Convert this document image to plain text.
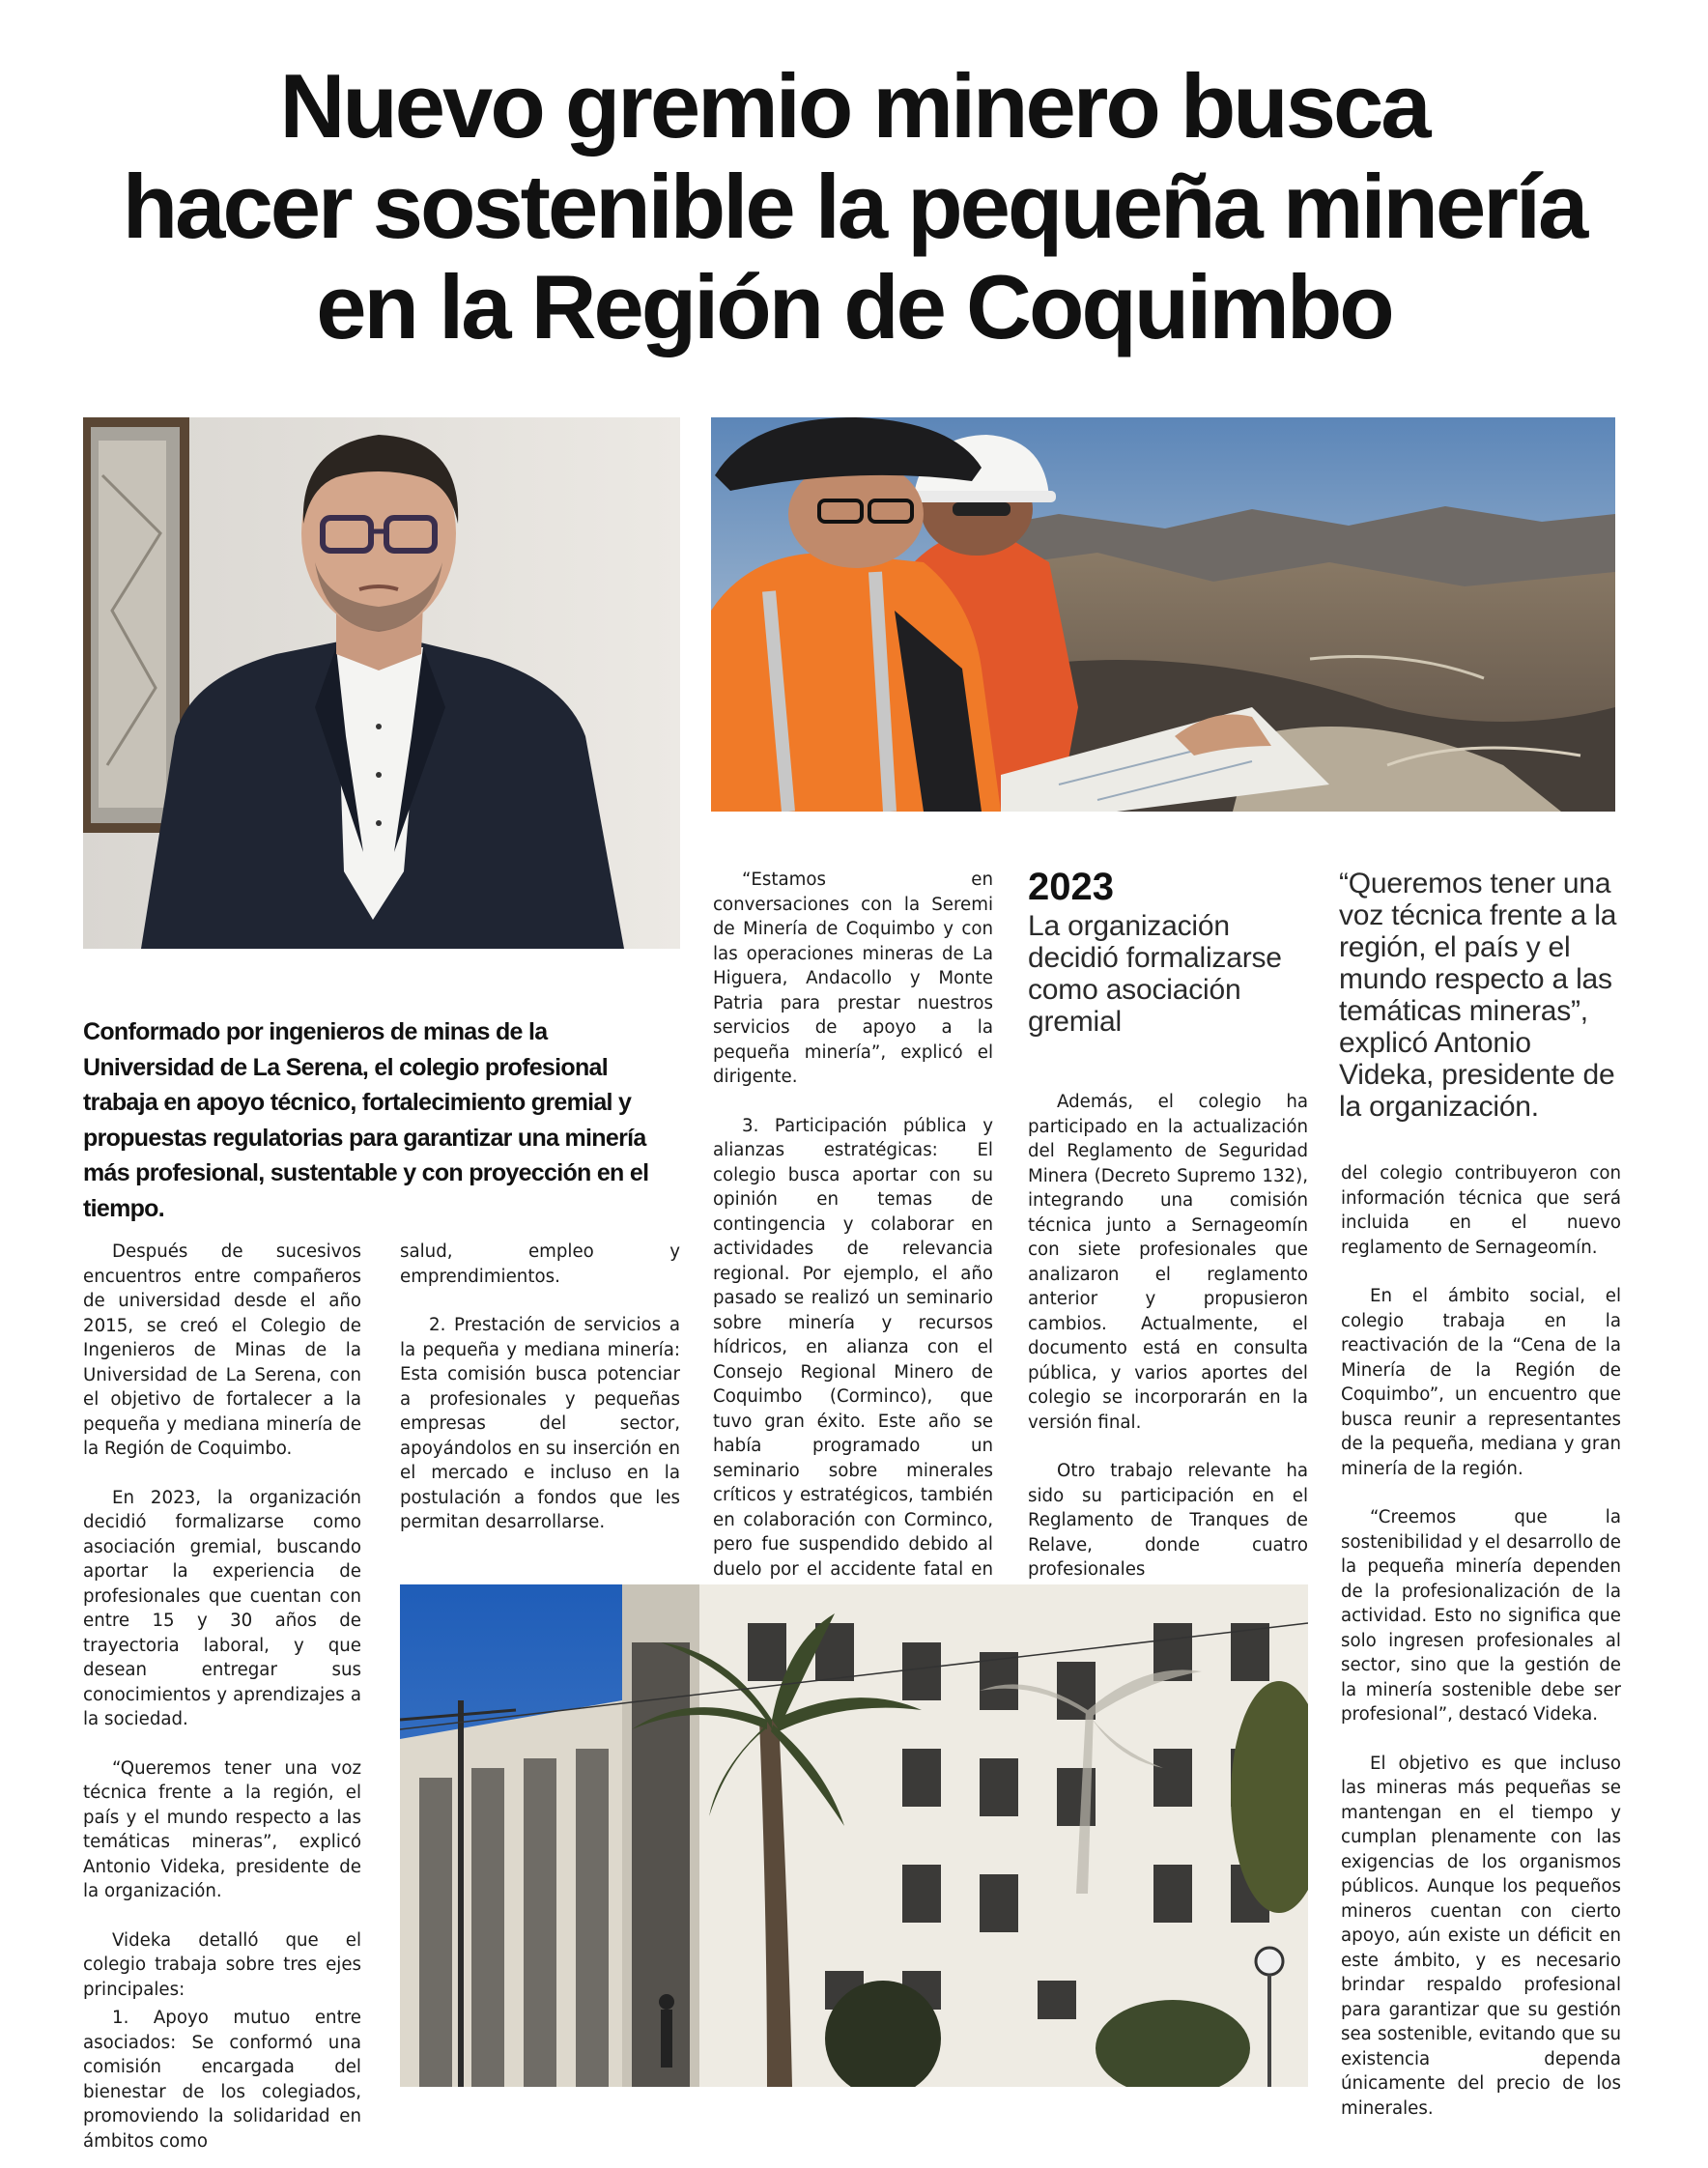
Nuevo gremio minero busca
hacer sostenible la pequeña minería
en la Región de Coquimbo

Conformado por ingenieros de minas de la Universidad de La Serena, el colegio profesional trabaja en apoyo técnico, fortalecimiento gremial y propuestas regulatorias para garantizar una minería más profesional, sustentable y con proyección en el tiempo.

Después de sucesivos encuentros entre compañeros de universidad desde el año 2015, se creó el Colegio de Ingenieros de Minas de la Universidad de La Serena, con el objetivo de fortalecer a la pequeña y mediana minería de la Región de Coquimbo.

En 2023, la organización decidió formalizarse como asociación gremial, buscando aportar la experiencia de profesionales que cuentan con entre 15 y 30 años de trayectoria laboral, y que desean entregar sus conocimientos y aprendizajes a la sociedad.

“Queremos tener una voz técnica frente a la región, el país y el mundo respecto a las temáticas mineras”, explicó Antonio Videka, presidente de la organización.

Videka detalló que el colegio trabaja sobre tres ejes principales:

1. Apoyo mutuo entre asociados: Se conformó una comisión encargada del bienestar de los colegiados, promoviendo la solidaridad en ámbitos como

salud, empleo y emprendimientos.

2. Prestación de servicios a la pequeña y mediana minería: Esta comisión busca potenciar a profesionales y pequeñas empresas del sector, apoyándolos en su inserción en el mercado e incluso en la postulación a fondos que les permitan desarrollarse.

“Estamos en conversaciones con la Seremi de Minería de Coquimbo y con las operaciones mineras de La Higuera, Andacollo y Monte Patria para prestar nuestros servicios de apoyo a la pequeña minería”, explicó el dirigente.

3. Participación pública y alianzas estratégicas: El colegio busca aportar con su opinión en temas de contingencia y colaborar en actividades de relevancia regional. Por ejemplo, el año pasado se realizó un seminario sobre minería y recursos hídricos, en alianza con el Consejo Regional Minero de Coquimbo (Corminco), que tuvo gran éxito. Este año se había programado un seminario sobre minerales críticos y estratégicos, también en colaboración con Corminco, pero fue suspendido debido al duelo por el accidente fatal en

2023
La organización decidió formalizarse como asociación gremial

Además, el colegio ha participado en la actualización del Reglamento de Seguridad Minera (Decreto Supremo 132), integrando una comisión técnica junto a Sernageomín con siete profesionales que analizaron el reglamento anterior y propusieron cambios. Actualmente, el documento está en consulta pública, y varios aportes del colegio se incorporarán en la versión final.

Otro trabajo relevante ha sido su participación en el Reglamento de Tranques de Relave, donde cuatro profesionales

“Queremos tener una voz técnica frente a la región, el país y el mundo respecto a las temáticas mineras”, explicó Antonio Videka, presidente de la organización.

del colegio contribuyeron con información técnica que será incluida en el nuevo reglamento de Sernageomín.

En el ámbito social, el colegio trabaja en la reactivación de la “Cena de la Minería de la Región de Coquimbo”, un encuentro que busca reunir a representantes de la pequeña, mediana y gran minería de la región.

“Creemos que la sostenibilidad y el desarrollo de la pequeña minería dependen de la profesionalización de la actividad. Esto no significa que solo ingresen profesionales al sector, sino que la gestión de la minería sostenible debe ser profesional”, destacó Videka.

El objetivo es que incluso las mineras más pequeñas se mantengan en el tiempo y cumplan plenamente con las exigencias de los organismos públicos. Aunque los pequeños mineros cuentan con cierto apoyo, aún existe un déficit en este ámbito, y es necesario brindar respaldo profesional para garantizar que su gestión sea sostenible, evitando que su existencia dependa únicamente del precio de los minerales.
